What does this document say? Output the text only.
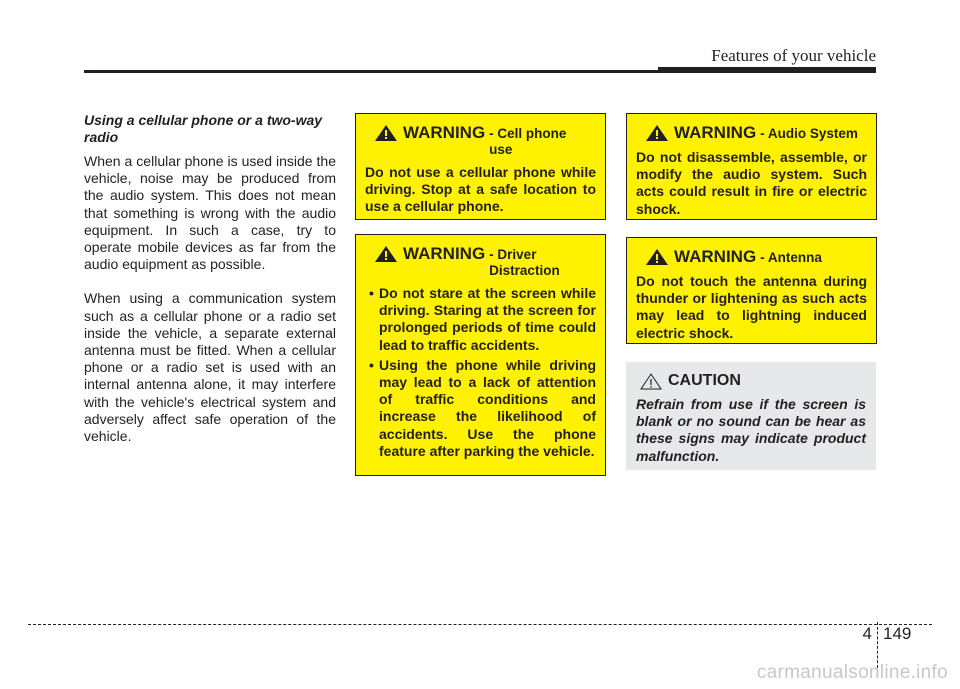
Features of your vehicle

Using a cellular phone or a two-way radio

When a cellular phone is used inside the vehicle, noise may be produced from the audio system. This does not mean that something is wrong with the audio equipment. In such a case, try to operate mobile devices as far from the audio equipment as possible.

When using a communication system such as a cellular phone or a radio set inside the vehicle, a separate external antenna must be fitted. When a cellular phone or a radio set is used with an internal antenna alone, it may interfere with the vehicle's electrical system and adversely affect safe operation of the vehicle.

WARNING - Cell phone use
Do not use a cellular phone while driving. Stop at a safe location to use a cellular phone.
WARNING - Driver Distraction
• Do not stare at the screen while driving. Staring at the screen for prolonged periods of time could lead to traffic accidents.
• Using the phone while driving may lead to a lack of attention of traffic conditions and increase the likelihood of accidents. Use the phone feature after parking the vehicle.
WARNING - Audio System
Do not disassemble, assemble, or modify the audio system. Such acts could result in fire or electric shock.
WARNING - Antenna
Do not touch the antenna during thunder or lightening as such acts may lead to lightning induced electric shock.
CAUTION
Refrain from use if the screen is blank or no sound can be hear as these signs may indicate product malfunction.
4 149
carmanualsonline.info
